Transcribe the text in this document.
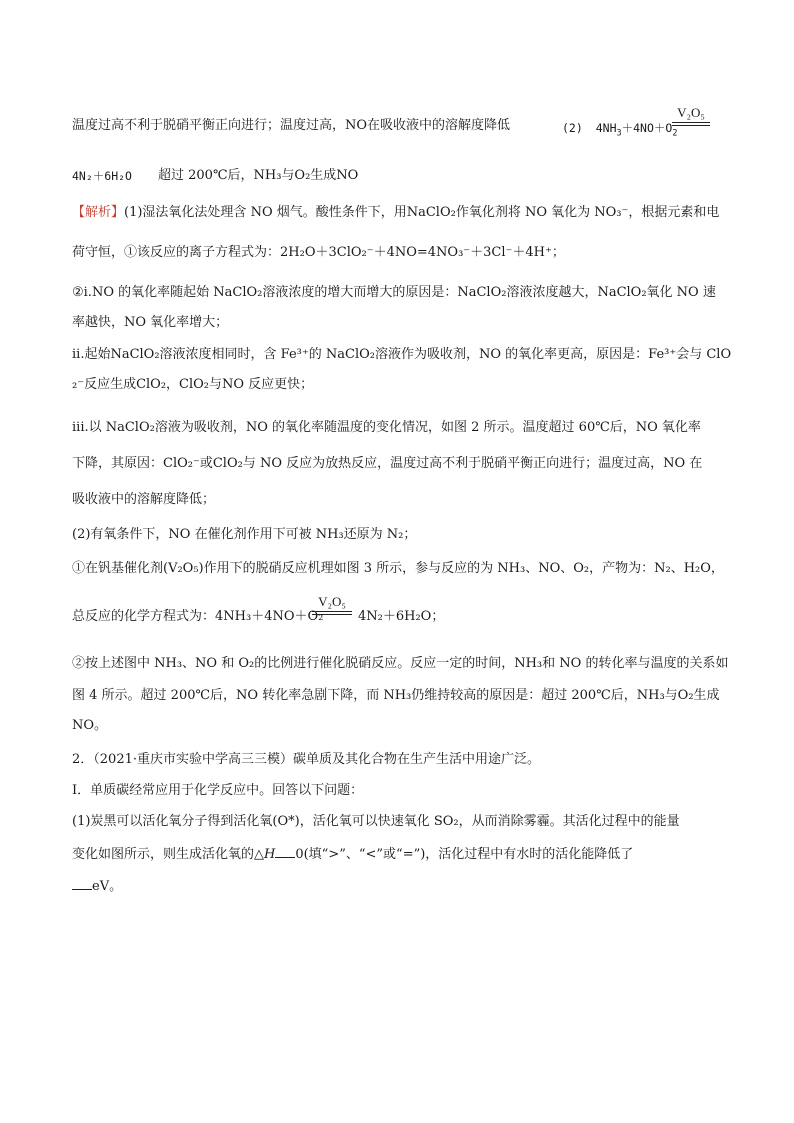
温度过高不利于脱硝平衡正向进行；温度过高，NO在吸收液中的溶解度降低	(2) $4NH_3+4NO+O_2$
V₂O₅
4N₂＋6H₂O 超过 200℃后，NH₃与O₂生成NO
【解析】(1)湿法氧化法处理含 NO 烟气。酸性条件下，用NaClO₂作氧化剂将 NO 氧化为 NO₃⁻，根据元素和电
荷守恒，①该反应的离子方程式为：2H₂O＋3ClO₂⁻＋4NO=4NO₃⁻＋3Cl⁻＋4H⁺；
②i.NO 的氧化率随起始 NaClO₂溶液浓度的增大而增大的原因是：NaClO₂溶液浓度越大，NaClO₂氧化 NO 速
率越快，NO 氧化率增大；
ii.起始NaClO₂溶液浓度相同时，含 Fe³⁺的 NaClO₂溶液作为吸收剂，NO 的氧化率更高，原因是：Fe³⁺会与 ClO
₂⁻反应生成ClO₂，ClO₂与NO 反应更快；
iii.以 NaClO₂溶液为吸收剂，NO 的氧化率随温度的变化情况，如图 2 所示。温度超过 60℃后，NO 氧化率
下降，其原因：ClO₂⁻或ClO₂与 NO 反应为放热反应，温度过高不利于脱硝平衡正向进行；温度过高，NO 在
吸收液中的溶解度降低；
(2)有氧条件下，NO 在催化剂作用下可被 NH₃还原为 N₂；
①在钒基催化剂(V₂O₅)作用下的脱硝反应机理如图 3 所示，参与反应的为 NH₃、NO、O₂，产物为：N₂、H₂O，
总反应的化学方程式为：4NH₃＋4NO＋O₂
V₂O₅
4N₂＋6H₂O；
②按上述图中 NH₃、NO 和 O₂的比例进行催化脱硝反应。反应一定的时间，NH₃和 NO 的转化率与温度的关系如
图 4 所示。超过 200℃后，NO 转化率急剧下降，而 NH₃仍维持较高的原因是：超过 200℃后，NH₃与O₂生成
NO。
2．（2021·重庆市实验中学高三三模）碳单质及其化合物在生产生活中用途广泛。
I．单质碳经常应用于化学反应中。回答以下问题：
(1)炭黑可以活化氧分子得到活化氧(O*)，活化氧可以快速氧化 SO₂，从而消除雾霾。其活化过程中的能量
变化如图所示，则生成活化氧的△H 0(填“>”、“<”或“=”)，活化过程中有水时的活化能降低了
eV。
